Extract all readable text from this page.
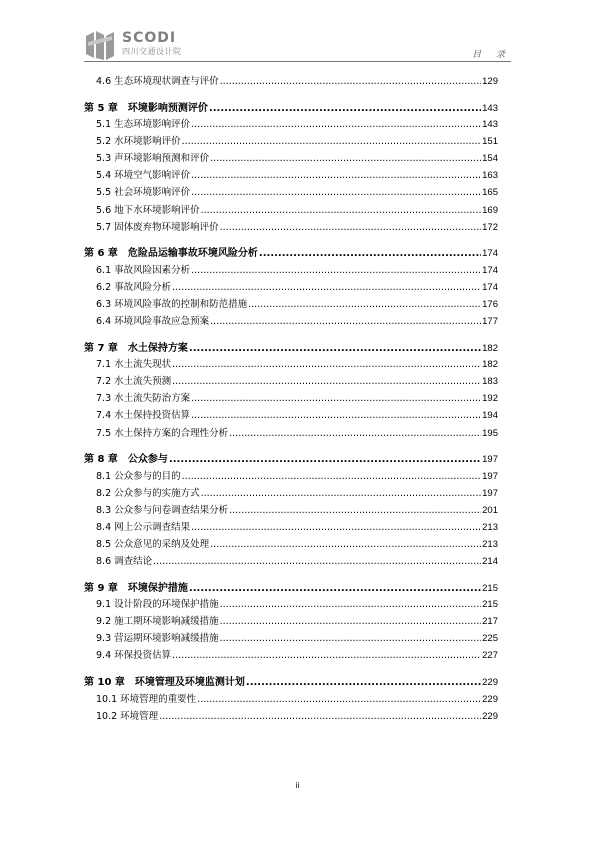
SCODI
四川交通设计院	目 录
4.6 生态环境现状调查与评价 .....	129
第 5 章　环境影响预测评价 .....	143
5.1 生态环境影响评价 .....	143
5.2 水环境影响评价 .....	151
5.3 声环境影响预测和评价 .....	154
5.4 环境空气影响评价 .....	163
5.5 社会环境影响评价 .....	165
5.6 地下水环境影响评价 .....	169
5.7 固体废弃物环境影响评价 .....	172
第 6 章　危险品运输事故环境风险分析 .....	174
6.1 事故风险因素分析 .....	174
6.2 事故风险分析 .....	174
6.3 环境风险事故的控制和防范措施 .....	176
6.4 环境风险事故应急预案 .....	177
第 7 章　水土保持方案 .....	182
7.1 水土流失现状 .....	182
7.2 水土流失预测 .....	183
7.3 水土流失防治方案 .....	192
7.4 水土保持投资估算 .....	194
7.5 水土保持方案的合理性分析 .....	195
第 8 章　公众参与 .....	197
8.1 公众参与的目的 .....	197
8.2 公众参与的实施方式 .....	197
8.3 公众参与问卷调查结果分析 .....	201
8.4 网上公示调查结果 .....	213
8.5 公众意见的采纳及处理 .....	213
8.6 调查结论 .....	214
第 9 章　环境保护措施 .....	215
9.1 设计阶段的环境保护措施 .....	215
9.2 施工期环境影响减缓措施 .....	217
9.3 营运期环境影响减缓措施 .....	225
9.4 环保投资估算 .....	227
第 10 章　环境管理及环境监测计划 .....	229
10.1 环境管理的重要性 .....	229
10.2 环境管理 .....	229
ii
